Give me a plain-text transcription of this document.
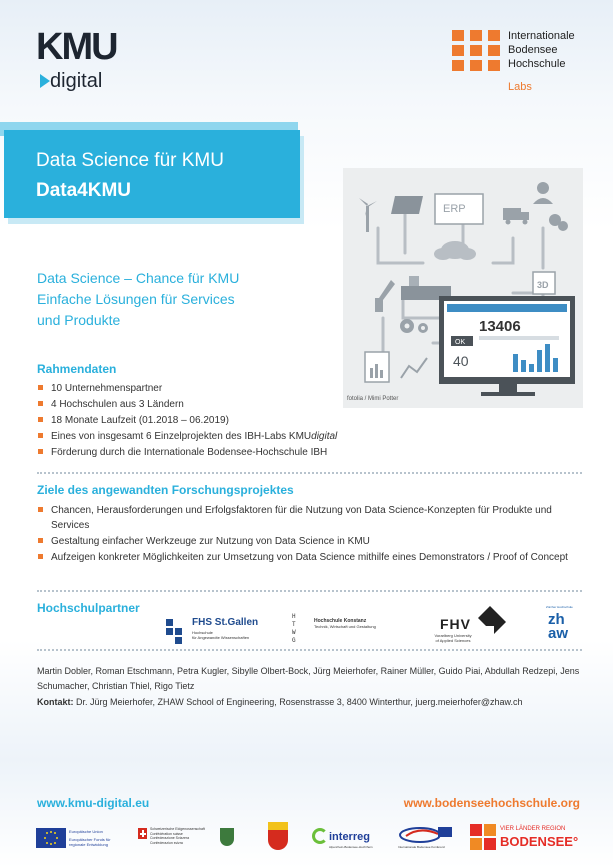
KMU
digital
Internationale
Bodensee
Hochschule
Labs
Data Science für KMU
Data4KMU
ERP
3D
13406
OK
40
fotolia / Mimi Potter
Data Science – Chance für KMU
Einfache Lösungen für Services
und Produkte
Rahmendaten
10 Unternehmenspartner
4 Hochschulen aus 3 Ländern
18 Monate Laufzeit (01.2018 – 06.2019)
Eines von insgesamt 6 Einzelprojekten des IBH-Labs KMUdigital
Förderung durch die Internationale Bodensee-Hochschule IBH
Ziele des angewandten Forschungsprojektes
Chancen, Herausforderungen und Erfolgsfaktoren für die Nutzung von Data Science-Konzepten für Produkte und Services
Gestaltung einfacher Werkzeuge zur Nutzung von Data Science in KMU
Aufzeigen konkreter Möglichkeiten zur Umsetzung von Data Science mithilfe eines Demonstrators / Proof of Concept
Hochschulpartner
FHS St.Gallen
Hochschule
für Angewandte Wissenschaften
H
T
W
G
Hochschule Konstanz
Technik, Wirtschaft und Gestaltung	FHV
Vorarlberg University
of Applied Sciences
Zürcher Hochschule
zh
aw
Martin Dobler, Roman Etschmann, Petra Kugler, Sibylle Olbert-Bock, Jürg Meierhofer, Rainer Müller, Guido Piai, Abdullah Redzepi, Jens Schumacher, Christian Thiel, Rigo Tietz
Kontakt: Dr. Jürg Meierhofer, ZHAW School of Engineering, Rosenstrasse 3, 8400 Winterthur, juerg.meierhofer@zhaw.ch
www.kmu-digital.eu	www.bodenseehochschule.org
Europäische Union
Europäischer Fonds für
regionale Entwicklung
Schweizerische Eidgenossenschaft
Confédération suisse
Confederazione Svizzera
Confederaziun svizra	interreg
Alpenrhein-Bodensee-Hochrhein	Internationale Bodensee Konferenz
VIER LÄNDER REGION
BODENSEE°
